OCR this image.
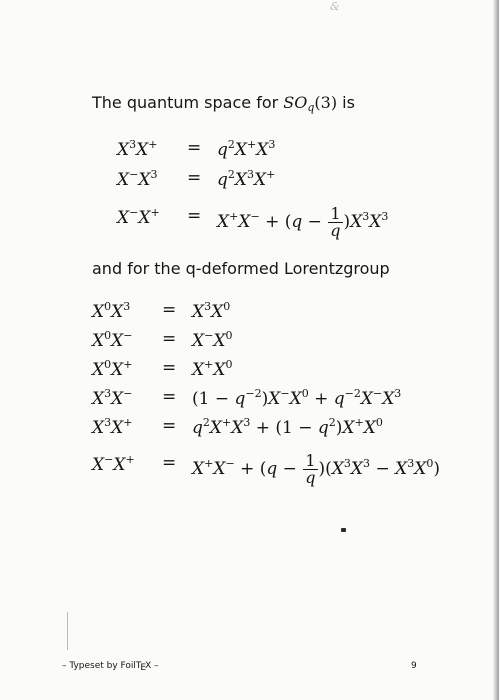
&
The quantum space for $SO_q(3)$ is
$X^3X^+ = q^2X^+X^3$
$X^-X^3 = q^2X^3X^+$
$X^-X^+ = X^+X^- + (q - \frac{1}{q} )X^3X^3$
and for the q-deformed Lorentzgroup
$X^0X^3 = X^3X^0$
$X^0X^- = X^-X^0$
$X^0X^+ = X^+X^0$
$X^3X^- = (1 - q^{-2})X^-X^0 + q^{-2}X^-X^3$
$X^3X^+ = q^2X^+X^3 + (1 - q^2)X^+X^0$
$X^-X^+ = X^+X^- + (q - \frac{1}{q} )(X^3X^3 - X^3X^0)$
– Typeset by FoilTEX –	9
